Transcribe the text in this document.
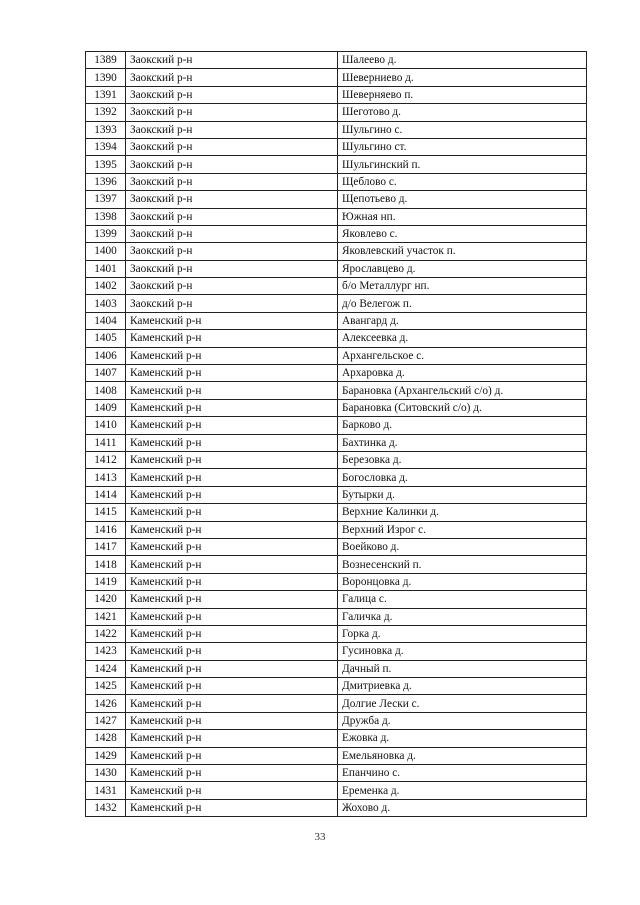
1389	Заокский р-н	Шалеево д.
1390	Заокский р-н	Шеверниево д.
1391	Заокский р-н	Шеверняево п.
1392	Заокский р-н	Шеготово д.
1393	Заокский р-н	Шульгино с.
1394	Заокский р-н	Шульгино ст.
1395	Заокский р-н	Шульгинский п.
1396	Заокский р-н	Щеблово с.
1397	Заокский р-н	Щепотьево д.
1398	Заокский р-н	Южная нп.
1399	Заокский р-н	Яковлево с.
1400	Заокский р-н	Яковлевский участок п.
1401	Заокский р-н	Ярославцево д.
1402	Заокский р-н	б/о Металлург нп.
1403	Заокский р-н	д/о Велегож п.
1404	Каменский р-н	Авангард д.
1405	Каменский р-н	Алексеевка д.
1406	Каменский р-н	Архангельское с.
1407	Каменский р-н	Архаровка д.
1408	Каменский р-н	Барановка (Архангельский с/о) д.
1409	Каменский р-н	Барановка (Ситовский с/о) д.
1410	Каменский р-н	Барково д.
1411	Каменский р-н	Бахтинка д.
1412	Каменский р-н	Березовка д.
1413	Каменский р-н	Богословка д.
1414	Каменский р-н	Бутырки д.
1415	Каменский р-н	Верхние Калинки д.
1416	Каменский р-н	Верхний Изрог с.
1417	Каменский р-н	Воейково д.
1418	Каменский р-н	Вознесенский п.
1419	Каменский р-н	Воронцовка д.
1420	Каменский р-н	Галица с.
1421	Каменский р-н	Галичка д.
1422	Каменский р-н	Горка д.
1423	Каменский р-н	Гусиновка д.
1424	Каменский р-н	Дачный п.
1425	Каменский р-н	Дмитриевка д.
1426	Каменский р-н	Долгие Лески с.
1427	Каменский р-н	Дружба д.
1428	Каменский р-н	Ежовка д.
1429	Каменский р-н	Емельяновка д.
1430	Каменский р-н	Епанчино с.
1431	Каменский р-н	Еременка д.
1432	Каменский р-н	Жохово д.
33
